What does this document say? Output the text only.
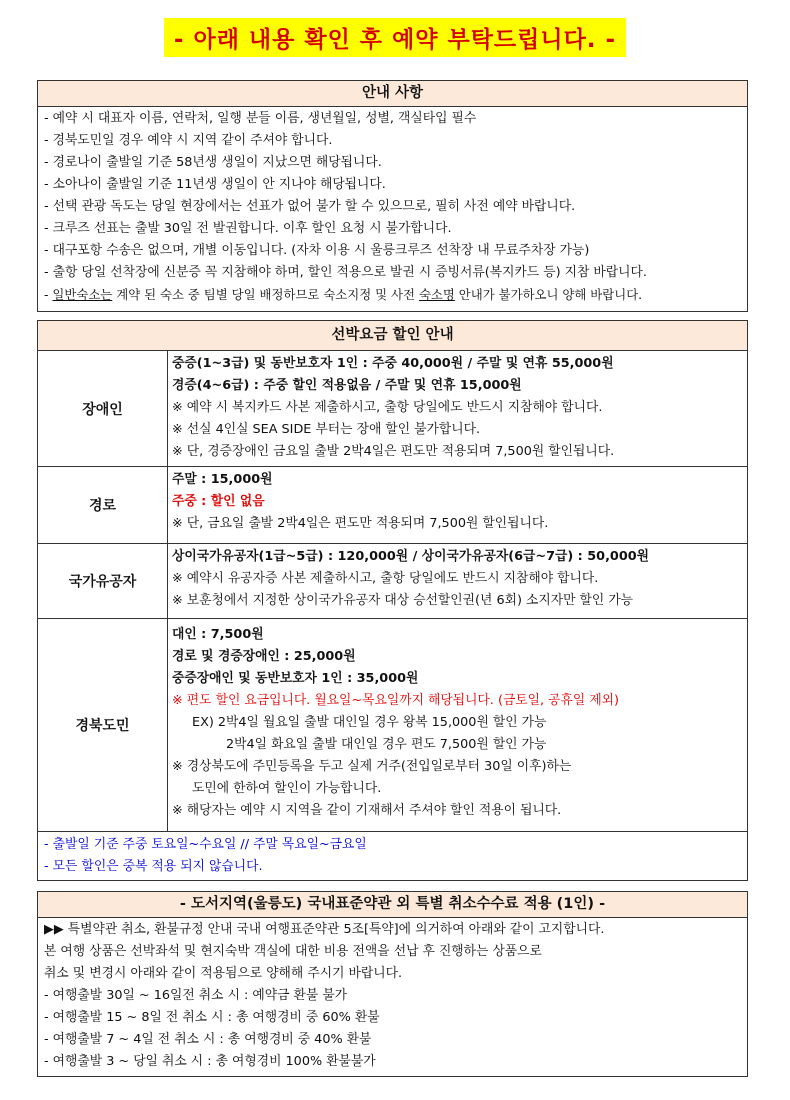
- 아래 내용 확인 후 예약 부탁드립니다. -
안내 사항
- 예약 시 대표자 이름, 연락처, 일행 분들 이름, 생년월일, 성별, 객실타입 필수
- 경북도민일 경우 예약 시 지역 같이 주셔야 합니다.
- 경로나이 출발일 기준 58년생 생일이 지났으면 해당됩니다.
- 소아나이 출발일 기준 11년생 생일이 안 지나야 해당됩니다.
- 선택 관광 독도는 당일 현장에서는 선표가 없어 불가 할 수 있으므로, 필히 사전 예약 바랍니다.
- 크루즈 선표는 출발 30일 전 발권합니다. 이후 할인 요청 시 불가합니다.
- 대구포항 수송은 없으며, 개별 이동입니다. (자차 이용 시 울릉크루즈 선착장 내 무료주차장 가능)
- 출항 당일 선착장에 신분증 꼭 지참해야 하며, 할인 적용으로 발권 시 증빙서류(복지카드 등) 지참 바랍니다.
- 일반숙소는 계약 된 숙소 중 팀별 당일 배정하므로 숙소지정 및 사전 숙소명 안내가 불가하오니 양해 바랍니다.
선박요금 할인 안내
장애인
중증(1~3급) 및 동반보호자 1인 : 주중 40,000원 / 주말 및 연휴 55,000원
경증(4~6급) : 주중 할인 적용없음 / 주말 및 연휴 15,000원
※ 예약 시 복지카드 사본 제출하시고, 출항 당일에도 반드시 지참해야 합니다.
※ 선실 4인실 SEA SIDE 부터는 장애 할인 불가합니다.
※ 단, 경증장애인 금요일 출발 2박4일은 편도만 적용되며 7,500원 할인됩니다.
경로
주말 : 15,000원
주중 : 할인 없음
※ 단, 금요일 출발 2박4일은 편도만 적용되며 7,500원 할인됩니다.
국가유공자
상이국가유공자(1급~5급) : 120,000원 / 상이국가유공자(6급~7급) : 50,000원
※ 예약시 유공자증 사본 제출하시고, 출항 당일에도 반드시 지참해야 합니다.
※ 보훈청에서 지정한 상이국가유공자 대상 승선할인권(년 6회) 소지자만 할인 가능
경북도민
대인 : 7,500원
경로 및 경증장애인 : 25,000원
중증장애인 및 동반보호자 1인 : 35,000원
※ 편도 할인 요금입니다. 월요일~목요일까지 해당됩니다. (금토일, 공휴일 제외)
EX) 2박4일 월요일 출발 대인일 경우 왕복 15,000원 할인 가능
2박4일 화요일 출발 대인일 경우 편도 7,500원 할인 가능
※ 경상북도에 주민등록을 두고 실제 거주(전입일로부터 30일 이후)하는
도민에 한하여 할인이 가능합니다.
※ 해당자는 예약 시 지역을 같이 기재해서 주셔야 할인 적용이 됩니다.
- 출발일 기준 주중 토요일~수요일 // 주말 목요일~금요일
- 모든 할인은 중복 적용 되지 않습니다.
- 도서지역(울릉도) 국내표준약관 외 특별 취소수수료 적용 (1인) -
▶▶ 특별약관 취소, 환불규정 안내 국내 여행표준약관 5조[특약]에 의거하여 아래와 같이 고지합니다.
본 여행 상품은 선박좌석 및 현지숙박 객실에 대한 비용 전액을 선납 후 진행하는 상품으로
취소 및 변경시 아래와 같이 적용됨으로 양해해 주시기 바랍니다.
- 여행출발 30일 ~ 16일전 취소 시 : 예약금 환불 불가
- 여행출발 15 ~ 8일 전 취소 시 : 총 여행경비 중 60% 환불
- 여행출발 7 ~ 4일 전 취소 시 : 총 여행경비 중 40% 환불
- 여행출발 3 ~ 당일 취소 시 : 총 여형경비 100% 환불불가
